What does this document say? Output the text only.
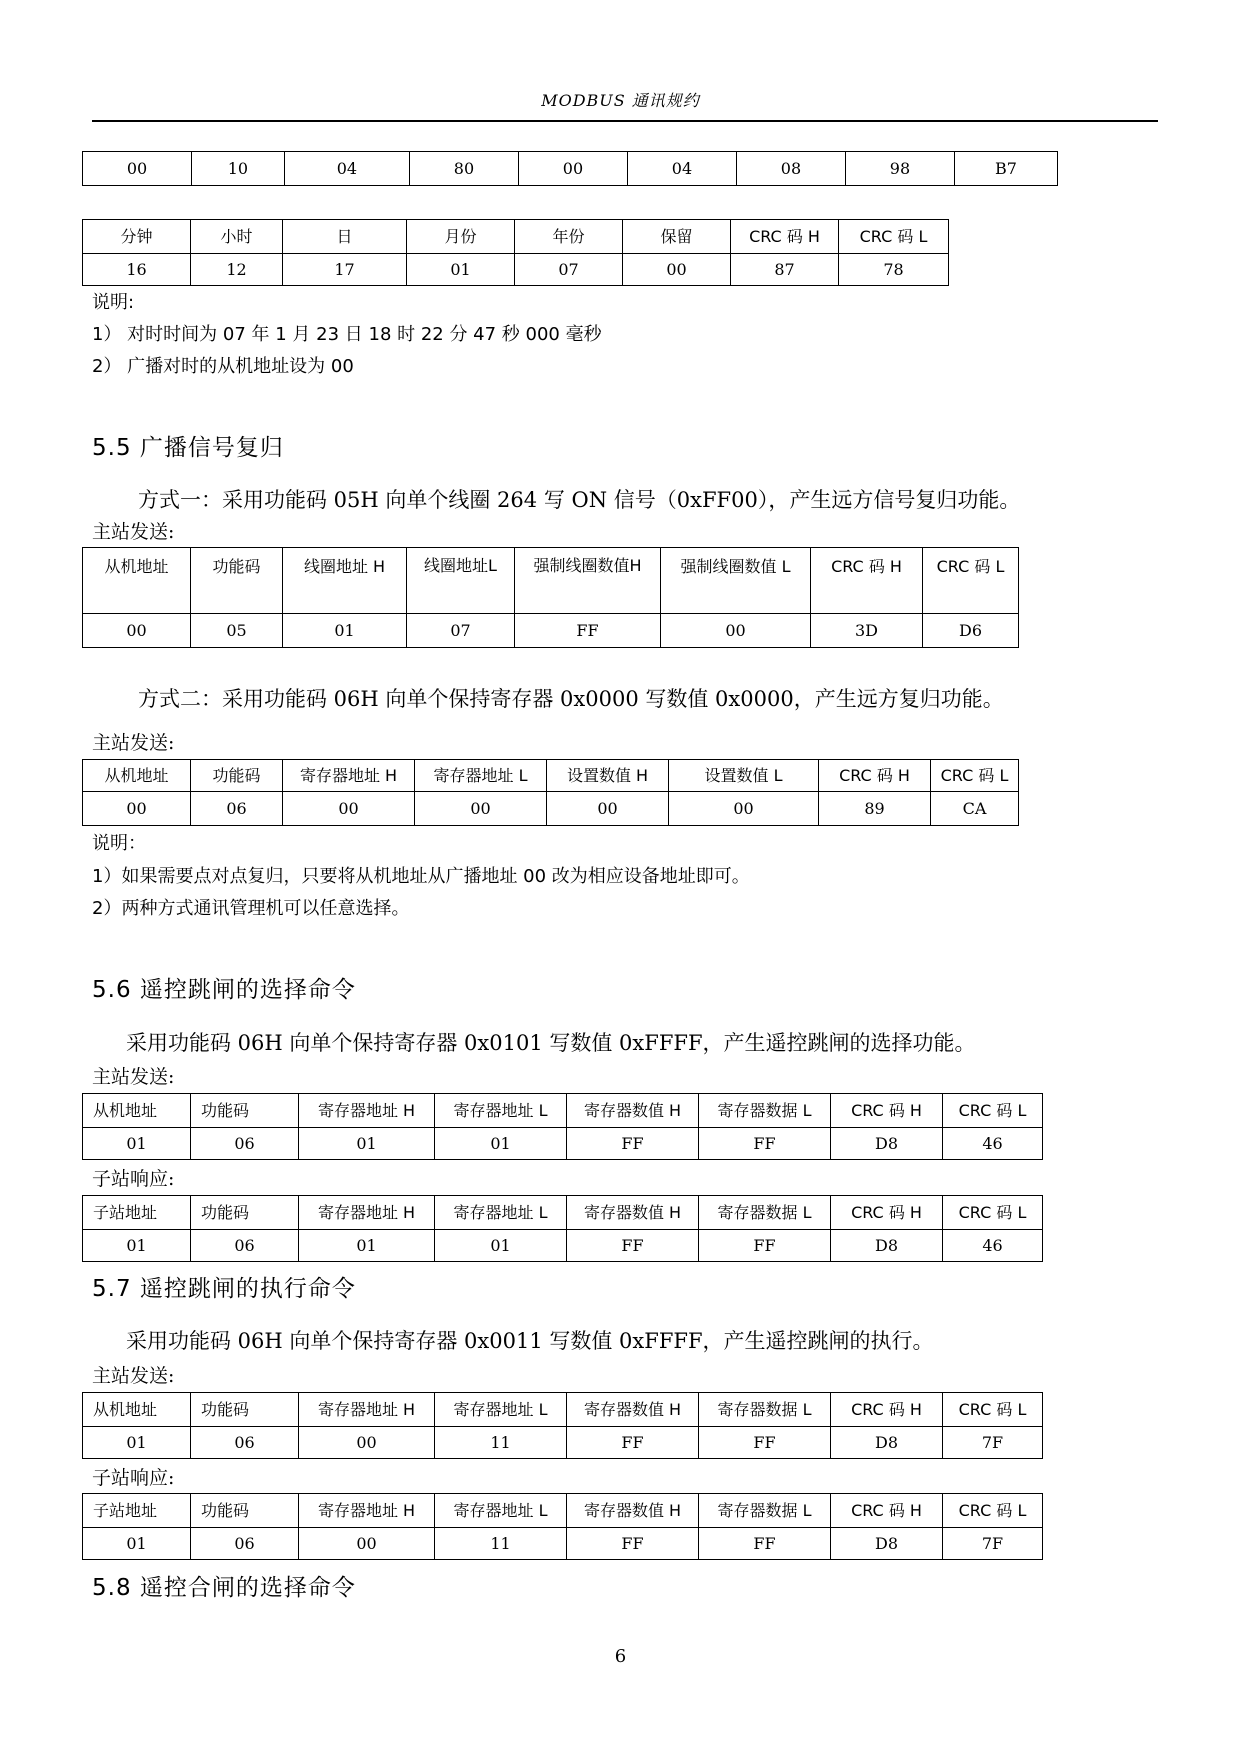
MODBUS 通讯规约
00	10	04	80	00	04	08	98	B7
分钟	小时	日	月份	年份	保留	CRC 码 H	CRC 码 L
16	12	17	01	07	00	87	78
说明:
1） 对时时间为 07 年 1 月 23 日 18 时 22 分 47 秒 000 毫秒
2） 广播对时的从机地址设为 00
5.5 广播信号复归
方式一：采用功能码 05H 向单个线圈 264 写 ON 信号（0xFF00），产生远方信号复归功能。
主站发送:
从机地址	功能码	线圈地址 H	线圈地址L	强制线圈数值H	强制线圈数值 L	CRC 码 H	CRC 码 L
00	05	01	07	FF	00	3D	D6
方式二：采用功能码 06H 向单个保持寄存器 0x0000 写数值 0x0000，产生远方复归功能。
主站发送:
从机地址	功能码	寄存器地址 H	寄存器地址 L	设置数值 H	设置数值 L	CRC 码 H	CRC 码 L
00	06	00	00	00	00	89	CA
说明：
1）如果需要点对点复归，只要将从机地址从广播地址 00 改为相应设备地址即可。
2）两种方式通讯管理机可以任意选择。
5.6 遥控跳闸的选择命令
采用功能码 06H 向单个保持寄存器 0x0101 写数值 0xFFFF，产生遥控跳闸的选择功能。
主站发送:
从机地址	功能码	寄存器地址 H	寄存器地址 L	寄存器数值 H	寄存器数据 L	CRC 码 H	CRC 码 L
01	06	01	01	FF	FF	D8	46
子站响应:
子站地址	功能码	寄存器地址 H	寄存器地址 L	寄存器数值 H	寄存器数据 L	CRC 码 H	CRC 码 L
01	06	01	01	FF	FF	D8	46
5.7 遥控跳闸的执行命令
采用功能码 06H 向单个保持寄存器 0x0011 写数值 0xFFFF，产生遥控跳闸的执行。
主站发送:
从机地址	功能码	寄存器地址 H	寄存器地址 L	寄存器数值 H	寄存器数据 L	CRC 码 H	CRC 码 L
01	06	00	11	FF	FF	D8	7F
子站响应:
子站地址	功能码	寄存器地址 H	寄存器地址 L	寄存器数值 H	寄存器数据 L	CRC 码 H	CRC 码 L
01	06	00	11	FF	FF	D8	7F
5.8 遥控合闸的选择命令
6
